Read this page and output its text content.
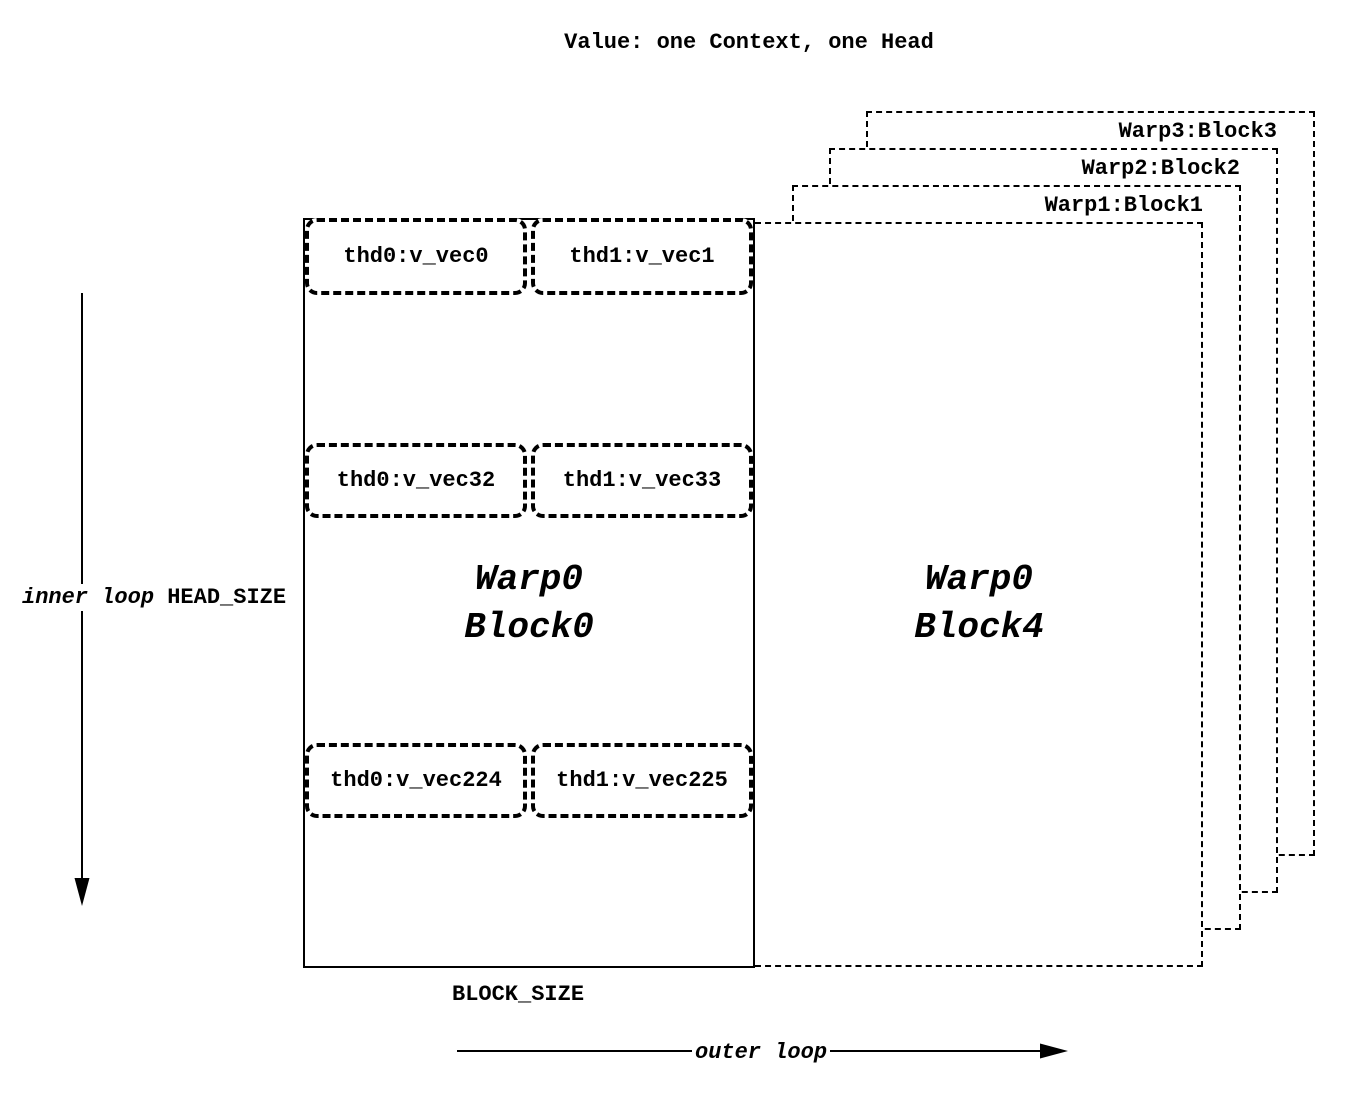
Value: one Context, one Head
Warp3:Block3
Warp2:Block2
Warp1:Block1
thd0:v_vec0	thd1:v_vec1
thd0:v_vec32	thd1:v_vec33
thd0:v_vec224 thd1:v_vec225
Warp0
Block0
Warp0
Block4
inner loop HEAD_SIZE
BLOCK_SIZE
outer loop
